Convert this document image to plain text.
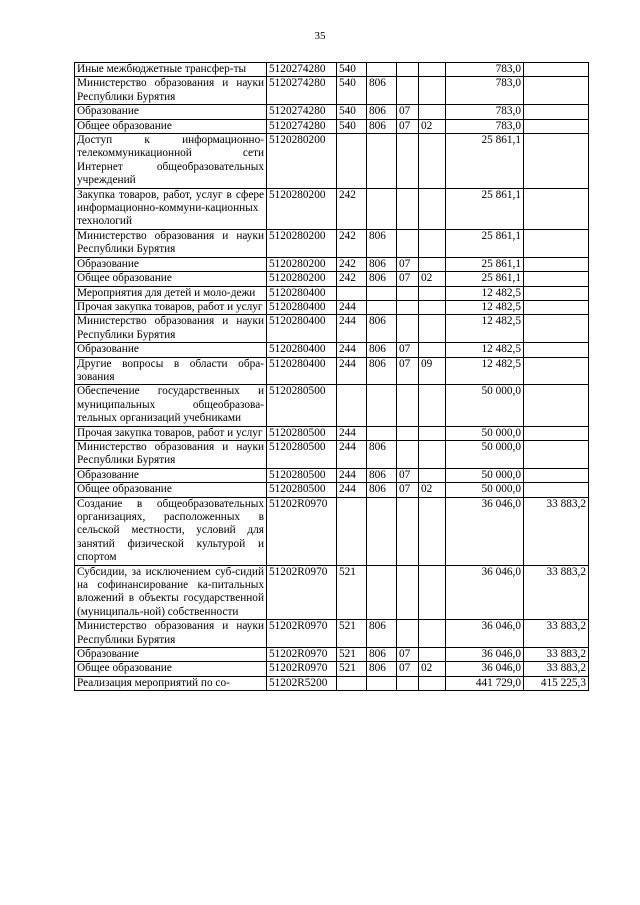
35
Иные межбюджетные трансфер-ты	5120274280	540				783,0	
Министерство образования и науки Республики Бурятия	5120274280	540	806			783,0	
Образование	5120274280	540	806	07		783,0	
Общее образование	5120274280	540	806	07	02	783,0	
Доступ к информационно-телекоммуникационной сети Интернет общеобразовательных учреждений	5120280200					25 861,1	
Закупка товаров, работ, услуг в сфере информационно-коммуни-кационных технологий	5120280200	242				25 861,1	
Министерство образования и науки Республики Бурятия	5120280200	242	806			25 861,1	
Образование	5120280200	242	806	07		25 861,1	
Общее образование	5120280200	242	806	07	02	25 861,1	
Мероприятия для детей и моло-дежи	5120280400					12 482,5	
Прочая закупка товаров, работ и услуг	5120280400	244				12 482,5	
Министерство образования и науки Республики Бурятия	5120280400	244	806			12 482,5	
Образование	5120280400	244	806	07		12 482,5	
Другие вопросы в области обра-зования	5120280400	244	806	07	09	12 482,5	
Обеспечение государственных и муниципальных общеобразова-тельных организаций учебниками	5120280500					50 000,0	
Прочая закупка товаров, работ и услуг	5120280500	244				50 000,0	
Министерство образования и науки Республики Бурятия	5120280500	244	806			50 000,0	
Образование	5120280500	244	806	07		50 000,0	
Общее образование	5120280500	244	806	07	02	50 000,0	
Создание в общеобразовательных организациях, расположенных в сельской местности, условий для занятий физической культурой и спортом	51202R0970					36 046,0	33 883,2
Субсидии, за исключением суб-сидий на софинансирование ка-питальных вложений в объекты государственной (муниципаль-ной) собственности	51202R0970	521				36 046,0	33 883,2
Министерство образования и науки Республики Бурятия	51202R0970	521	806			36 046,0	33 883,2
Образование	51202R0970	521	806	07		36 046,0	33 883,2
Общее образование	51202R0970	521	806	07	02	36 046,0	33 883,2
Реализация мероприятий по со-	51202R5200					441 729,0	415 225,3
